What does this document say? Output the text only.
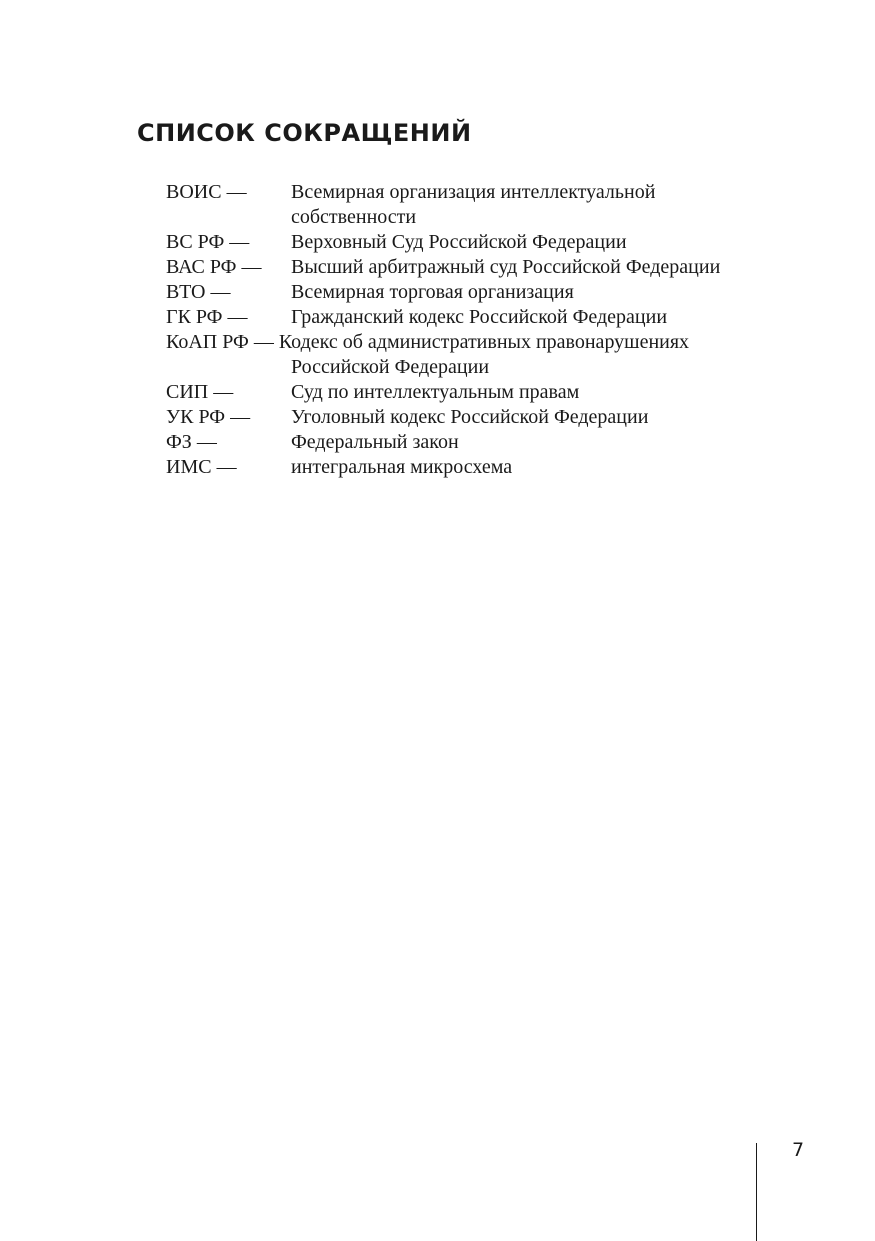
СПИСОК СОКРАЩЕНИЙ
ВОИС —	Всемирная организация интеллектуальной собственности
ВС РФ —	Верховный Суд Российской Федерации
ВАС РФ —	Высший арбитражный суд Российской Федерации
ВТО —	Всемирная торговая организация
ГК РФ —	Гражданский кодекс Российской Федерации
КоАП РФ — Кодекс об административных правонарушениях
Российской Федерации
СИП —	Суд по интеллектуальным правам
УК РФ —	Уголовный кодекс Российской Федерации
ФЗ —	Федеральный закон
ИМС —	интегральная микросхема
7
